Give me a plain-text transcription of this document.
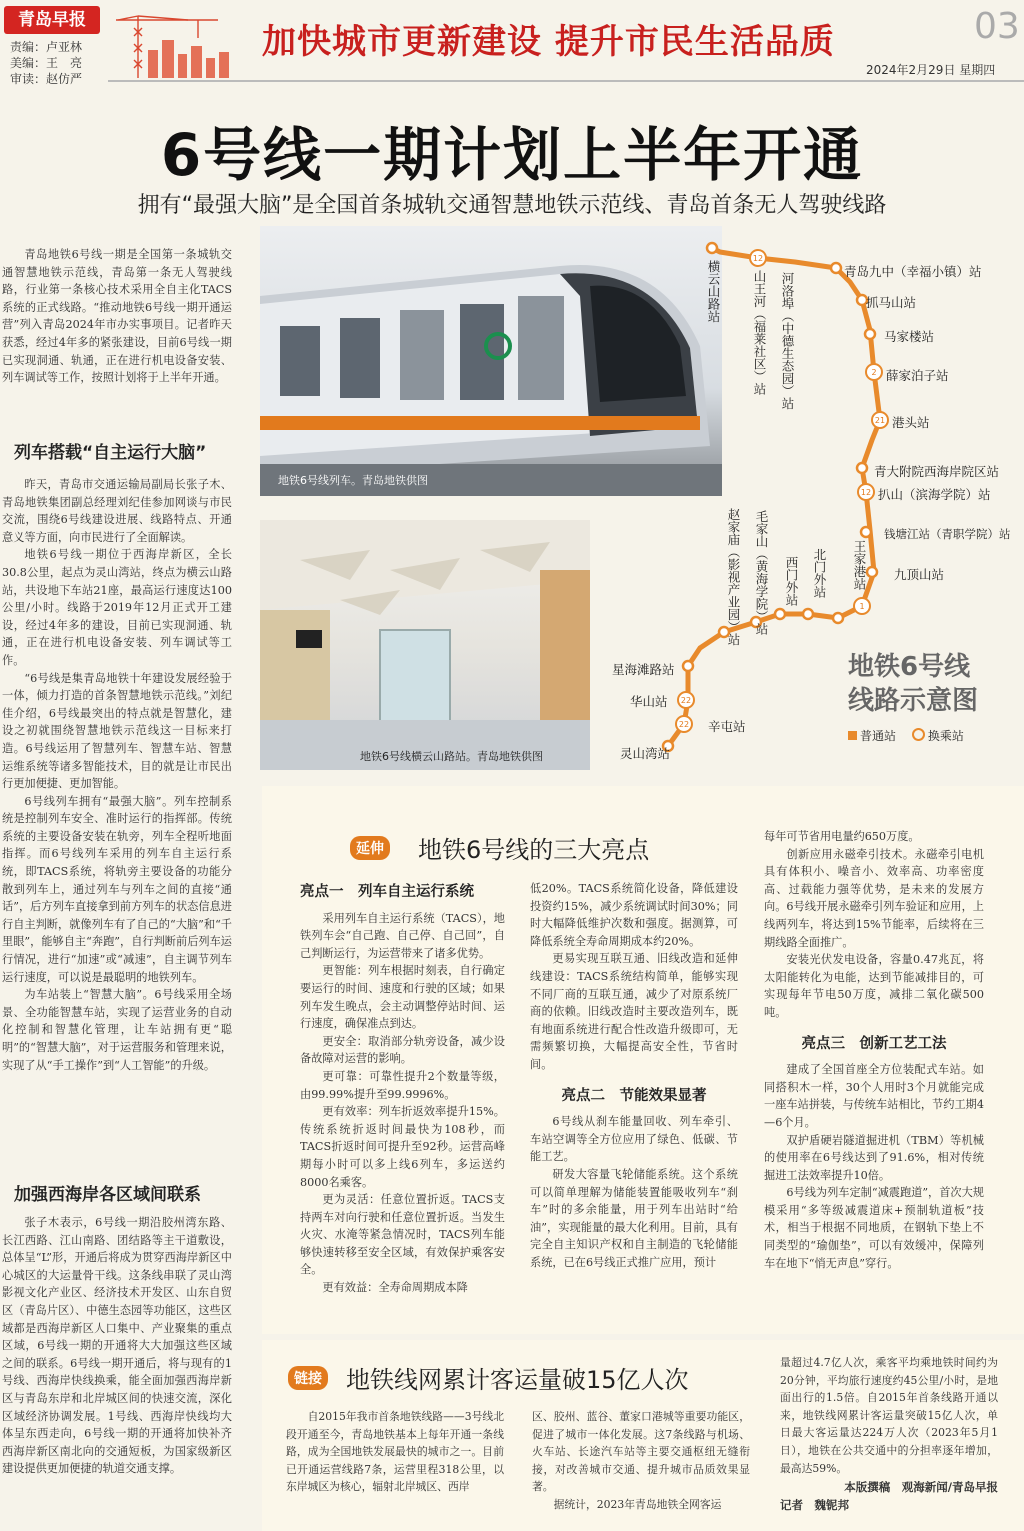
青岛早报
责编：卢亚林
美编：王　亮
审读：赵仿严
加快城市更新建设 提升市民生活品质	03
2024年2月29日 星期四
6号线一期计划上半年开通
拥有“最强大脑”是全国首条城轨交通智慧地铁示范线、青岛首条无人驾驶线路

青岛地铁6号线一期是全国第一条城轨交通智慧地铁示范线，青岛第一条无人驾驶线路，行业第一条核心技术采用全自主化TACS系统的正式线路。“推动地铁6号线一期开通运营”列入青岛2024年市办实事项目。记者昨天获悉，经过4年多的紧张建设，目前6号线一期已实现洞通、轨通，正在进行机电设备安装、列车调试等工作，按照计划将于上半年开通。

列车搭载“自主运行大脑”

昨天，青岛市交通运输局副局长张子木、青岛地铁集团副总经理刘纪佳参加网谈与市民交流，围绕6号线建设进展、线路特点、开通意义等方面，向市民进行了全面解读。

地铁6号线一期位于西海岸新区，全长30.8公里，起点为灵山湾站，终点为横云山路站，共设地下车站21座，最高运行速度达100公里/小时。线路于2019年12月正式开工建设，经过4年多的建设，目前已实现洞通、轨通，正在进行机电设备安装、列车调试等工作。

“6号线是集青岛地铁十年建设发展经验于一体，倾力打造的首条智慧地铁示范线。”刘纪佳介绍，6号线最突出的特点就是智慧化，建设之初就围绕智慧地铁示范线这一目标来打造。6号线运用了智慧列车、智慧车站、智慧运维系统等诸多智能技术，目的就是让市民出行更加便捷、更加智能。

6号线列车拥有“最强大脑”。列车控制系统是控制列车安全、准时运行的指挥部。传统系统的主要设备安装在轨旁，列车全程听地面指挥。而6号线列车采用的列车自主运行系统，即TACS系统，将轨旁主要设备的功能分散到列车上，通过列车与列车之间的直接“通话”，后方列车直接拿到前方列车的状态信息进行自主判断，就像列车有了自己的“大脑”和“千里眼”，能够自主“奔跑”，自行判断前后列车运行情况，进行“加速”或“减速”，自主调节列车运行速度，可以说是最聪明的地铁列车。

为车站装上“智慧大脑”。6号线采用全场景、全功能智慧车站，实现了运营业务的自动化控制和智慧化管理，让车站拥有更“聪明”的“智慧大脑”，对于运营服务和管理来说，实现了从“手工操作”到“人工智能”的升级。

加强西海岸各区域间联系

张子木表示，6号线一期沿胶州湾东路、长江西路、江山南路、团结路等主干道敷设，总体呈“L”形，开通后将成为贯穿西海岸新区中心城区的大运量骨干线。这条线串联了灵山湾影视文化产业区、经济技术开发区、山东自贸区（青岛片区）、中德生态园等功能区，这些区域都是西海岸新区人口集中、产业聚集的重点区域，6号线一期的开通将大大加强这些区域之间的联系。6号线一期开通后，将与现有的1号线、西海岸快线换乘，能全面加强西海岸新区与青岛东岸和北岸城区间的快速交流，深化区域经济协调发展。1号线、西海岸快线均大体呈东西走向，6号线一期的开通将加快补齐西海岸新区南北向的交通短板，为国家级新区建设提供更加便捷的轨道交通支撑。

地铁6号线列车。青岛地铁供图
地铁6号线横云山路站。青岛地铁供图
12
2
21
12
1
22
22
青岛九中（幸福小镇）站
抓马山站
马家楼站
薛家泊子站
港头站
青大附院西海岸院区站
扒山（滨海学院）站
钱塘江站（青职学院）站
九顶山站
横云山路站 山王河（福莱社区）站 河洛埠（中德生态园）站
赵家庙（影视产业园）站 毛家山（黄海学院）站 西门外站 北门外站 王家港站
星海滩路站
华山站
辛屯站
灵山湾站
地铁6号线
线路示意图
普通站	换乘站
延伸 地铁6号线的三大亮点
亮点一　列车自主运行系统

采用列车自主运行系统（TACS），地铁列车会“自己跑、自己停、自己回”，自己判断运行，为运营带来了诸多优势。

更智能：列车根据时刻表，自行确定要运行的时间、速度和行驶的区域；如果列车发生晚点，会主动调整停站时间、运行速度，确保准点到达。

更安全：取消部分轨旁设备，减少设备故障对运营的影响。

更可靠：可靠性提升2个数量等级，由99.99%提升至99.9996%。

更有效率：列车折返效率提升15%。传统系统折返时间最快为108秒，而TACS折返时间可提升至92秒。运营高峰期每小时可以多上线6列车，多运送约8000名乘客。

更为灵活：任意位置折返。TACS支持两车对向行驶和任意位置折返。当发生火灾、水淹等紧急情况时，TACS列车能够快速转移至安全区域，有效保护乘客安全。

更有效益：全寿命周期成本降

低20%。TACS系统简化设备，降低建设投资约15%，减少系统调试时间30%；同时大幅降低维护次数和强度。据测算，可降低系统全寿命周期成本约20%。

更易实现互联互通、旧线改造和延伸线建设：TACS系统结构简单，能够实现不同厂商的互联互通，减少了对原系统厂商的依赖。旧线改造时主要改造列车，既有地面系统进行配合性改造升级即可，无需频繁切换，大幅提高安全性，节省时间。

亮点二　节能效果显著

6号线从刹车能量回收、列车牵引、车站空调等全方位应用了绿色、低碳、节能工艺。

研发大容量飞轮储能系统。这个系统可以简单理解为储能装置能吸收列车“刹车”时的多余能量，用于列车出站时“给油”，实现能量的最大化利用。目前，具有完全自主知识产权和自主制造的飞轮储能系统，已在6号线正式推广应用，预计

每年可节省用电量约650万度。

创新应用永磁牵引技术。永磁牵引电机具有体积小、噪音小、效率高、功率密度高、过载能力强等优势，是未来的发展方向。6号线开展永磁牵引列车验证和应用，上线两列车，将达到15%节能率，后续将在三期线路全面推广。

安装光伏发电设备，容量0.47兆瓦，将太阳能转化为电能，达到节能减排目的，可实现每年节电50万度，减排二氧化碳500吨。

亮点三　创新工艺工法

建成了全国首座全方位装配式车站。如同搭积木一样，30个人用时3个月就能完成一座车站拼装，与传统车站相比，节约工期4—6个月。

双护盾硬岩隧道掘进机（TBM）等机械的使用率在6号线达到了91.6%，相对传统掘进工法效率提升10倍。

6号线为列车定制“减震跑道”，首次大规模采用“多等级减震道床+预制轨道板”技术，相当于根据不同地质，在钢轨下垫上不同类型的“瑜伽垫”，可以有效缓冲，保障列车在地下“悄无声息”穿行。

链接 地铁线网累计客运量破15亿人次

自2015年我市首条地铁线路——3号线北段开通至今，青岛地铁基本上每年开通一条线路，成为全国地铁发展最快的城市之一。目前已开通运营线路7条，运营里程318公里，以东岸城区为核心，辐射北岸城区、西岸

区、胶州、蓝谷、董家口港城等重要功能区，促进了城市一体化发展。这7条线路与机场、火车站、长途汽车站等主要交通枢纽无缝衔接，对改善城市交通、提升城市品质效果显著。

据统计，2023年青岛地铁全网客运

量超过4.7亿人次，乘客平均乘地铁时间约为20分钟，平均旅行速度约45公里/小时，是地面出行的1.5倍。自2015年首条线路开通以来，地铁线网累计客运量突破15亿人次，单日最大客运量达224万人次（2023年5月1日），地铁在公共交通中的分担率逐年增加，最高达59%。

本版撰稿　观海新闻/青岛早报
记者　魏铌邦
